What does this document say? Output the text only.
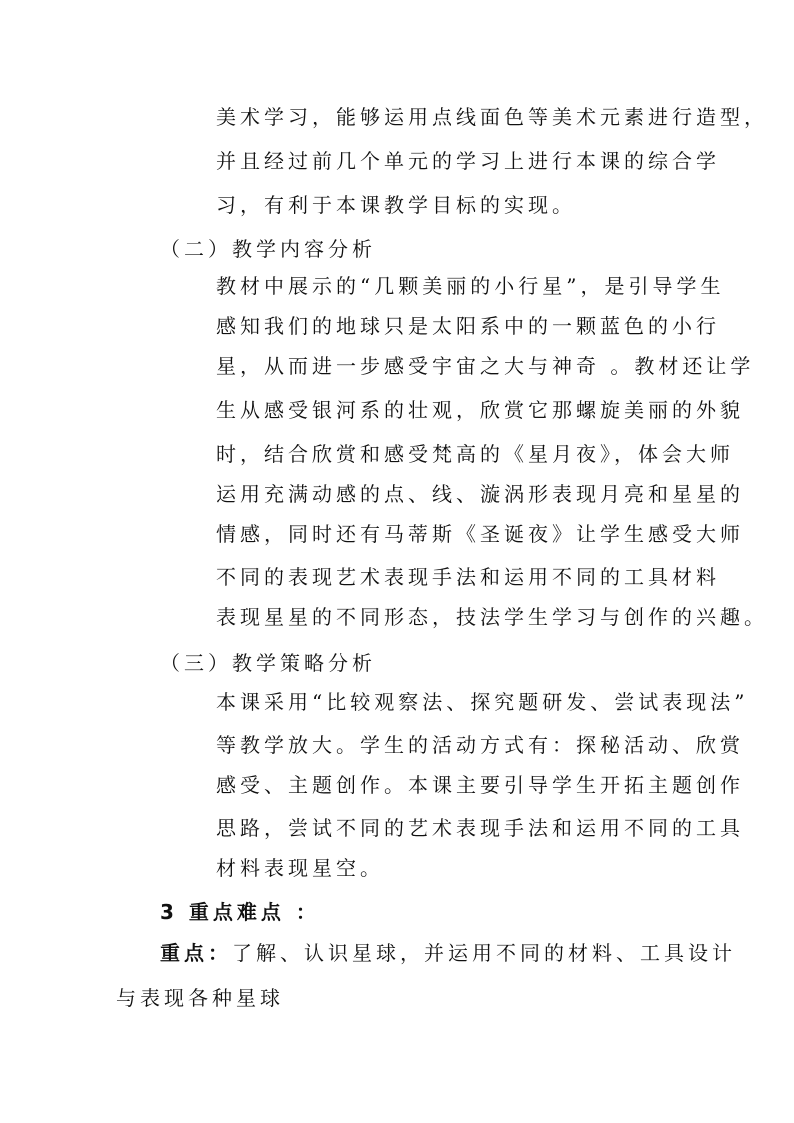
美术学习，能够运用点线面色等美术元素进行造型，
并且经过前几个单元的学习上进行本课的综合学
习，有利于本课教学目标的实现。
（二）教学内容分析
教材中展示的“几颗美丽的小行星”，是引导学生
感知我们的地球只是太阳系中的一颗蓝色的小行
星，从而进一步感受宇宙之大与神奇 。教材还让学
生从感受银河系的壮观，欣赏它那螺旋美丽的外貌
时，结合欣赏和感受梵高的《星月夜》，体会大师
运用充满动感的点、线、漩涡形表现月亮和星星的
情感，同时还有马蒂斯《圣诞夜》让学生感受大师
不同的表现艺术表现手法和运用不同的工具材料
表现星星的不同形态，技法学生学习与创作的兴趣。
（三）教学策略分析
本课采用“比较观察法、探究题研发、尝试表现法”
等教学放大。学生的活动方式有：探秘活动、欣赏
感受、主题创作。本课主要引导学生开拓主题创作
思路，尝试不同的艺术表现手法和运用不同的工具
材料表现星空。
3 重点难点 ：
重点：了解、认识星球，并运用不同的材料、工具设计
与表现各种星球
